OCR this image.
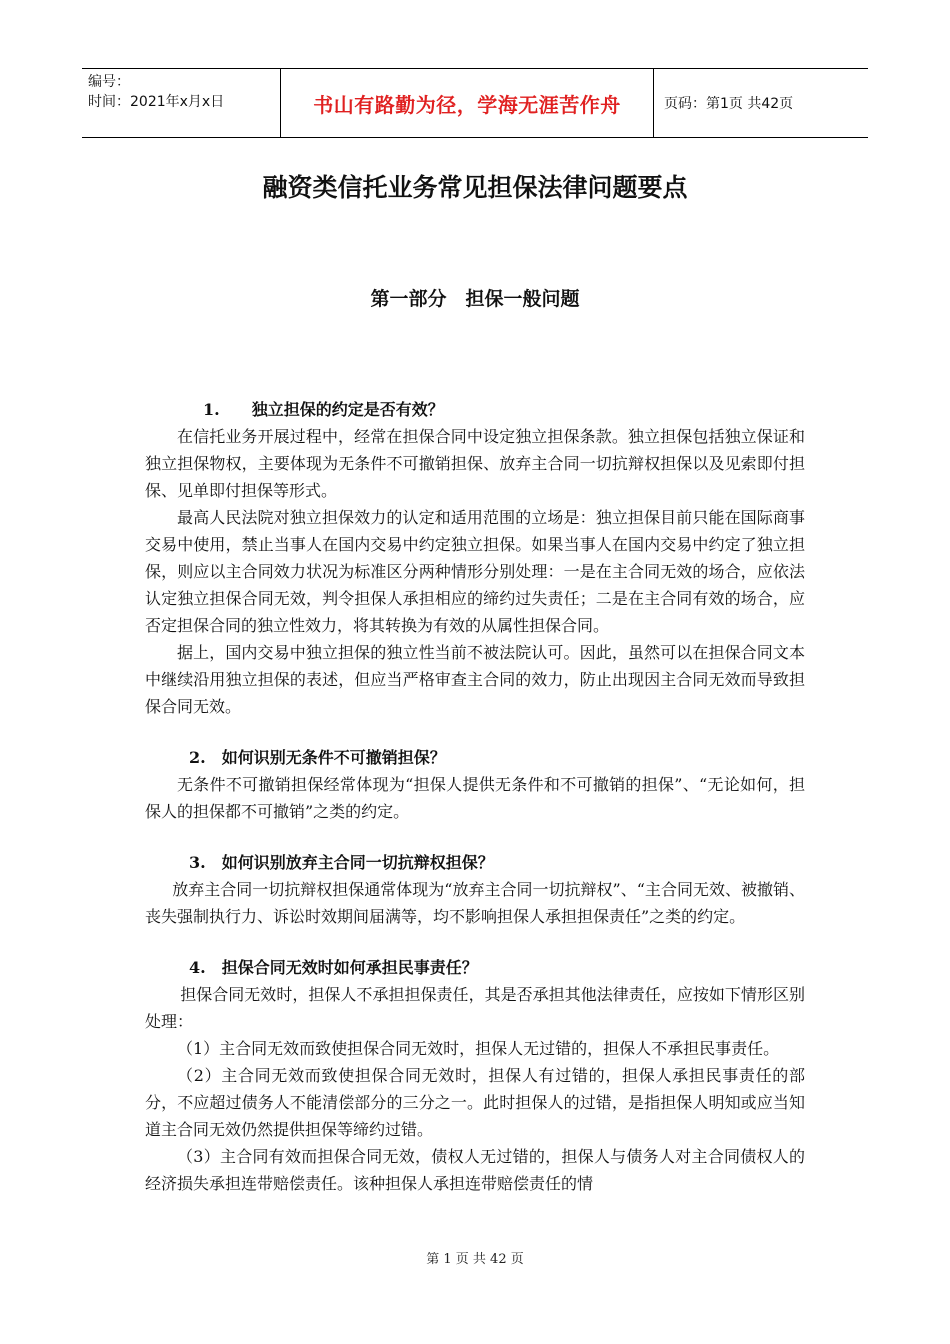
编号：
时间：2021年x月x日	书山有路勤为径，学海无涯苦作舟	页码：第1页 共42页
融资类信托业务常见担保法律问题要点
第一部分　担保一般问题

1.　　独立担保的约定是否有效？

在信托业务开展过程中，经常在担保合同中设定独立担保条款。独立担保包括独立保证和独立担保物权，主要体现为无条件不可撤销担保、放弃主合同一切抗辩权担保以及见索即付担保、见单即付担保等形式。

最高人民法院对独立担保效力的认定和适用范围的立场是：独立担保目前只能在国际商事交易中使用，禁止当事人在国内交易中约定独立担保。如果当事人在国内交易中约定了独立担保，则应以主合同效力状况为标准区分两种情形分别处理：一是在主合同无效的场合，应依法认定独立担保合同无效，判令担保人承担相应的缔约过失责任；二是在主合同有效的场合，应否定担保合同的独立性效力，将其转换为有效的从属性担保合同。

据上，国内交易中独立担保的独立性当前不被法院认可。因此，虽然可以在担保合同文本中继续沿用独立担保的表述，但应当严格审查主合同的效力，防止出现因主合同无效而导致担保合同无效。

2.　如何识别无条件不可撤销担保？

无条件不可撤销担保经常体现为“担保人提供无条件和不可撤销的担保”、“无论如何，担保人的担保都不可撤销”之类的约定。

3.　如何识别放弃主合同一切抗辩权担保？

放弃主合同一切抗辩权担保通常体现为“放弃主合同一切抗辩权”、“主合同无效、被撤销、丧失强制执行力、诉讼时效期间届满等，均不影响担保人承担担保责任”之类的约定。

4.　担保合同无效时如何承担民事责任？

担保合同无效时，担保人不承担担保责任，其是否承担其他法律责任，应按如下情形区别处理：

（1）主合同无效而致使担保合同无效时，担保人无过错的，担保人不承担民事责任。

（2）主合同无效而致使担保合同无效时，担保人有过错的，担保人承担民事责任的部分，不应超过债务人不能清偿部分的三分之一。此时担保人的过错，是指担保人明知或应当知道主合同无效仍然提供担保等缔约过错。

（3）主合同有效而担保合同无效，债权人无过错的，担保人与债务人对主合同债权人的经济损失承担连带赔偿责任。该种担保人承担连带赔偿责任的情

第 1 页 共 42 页
